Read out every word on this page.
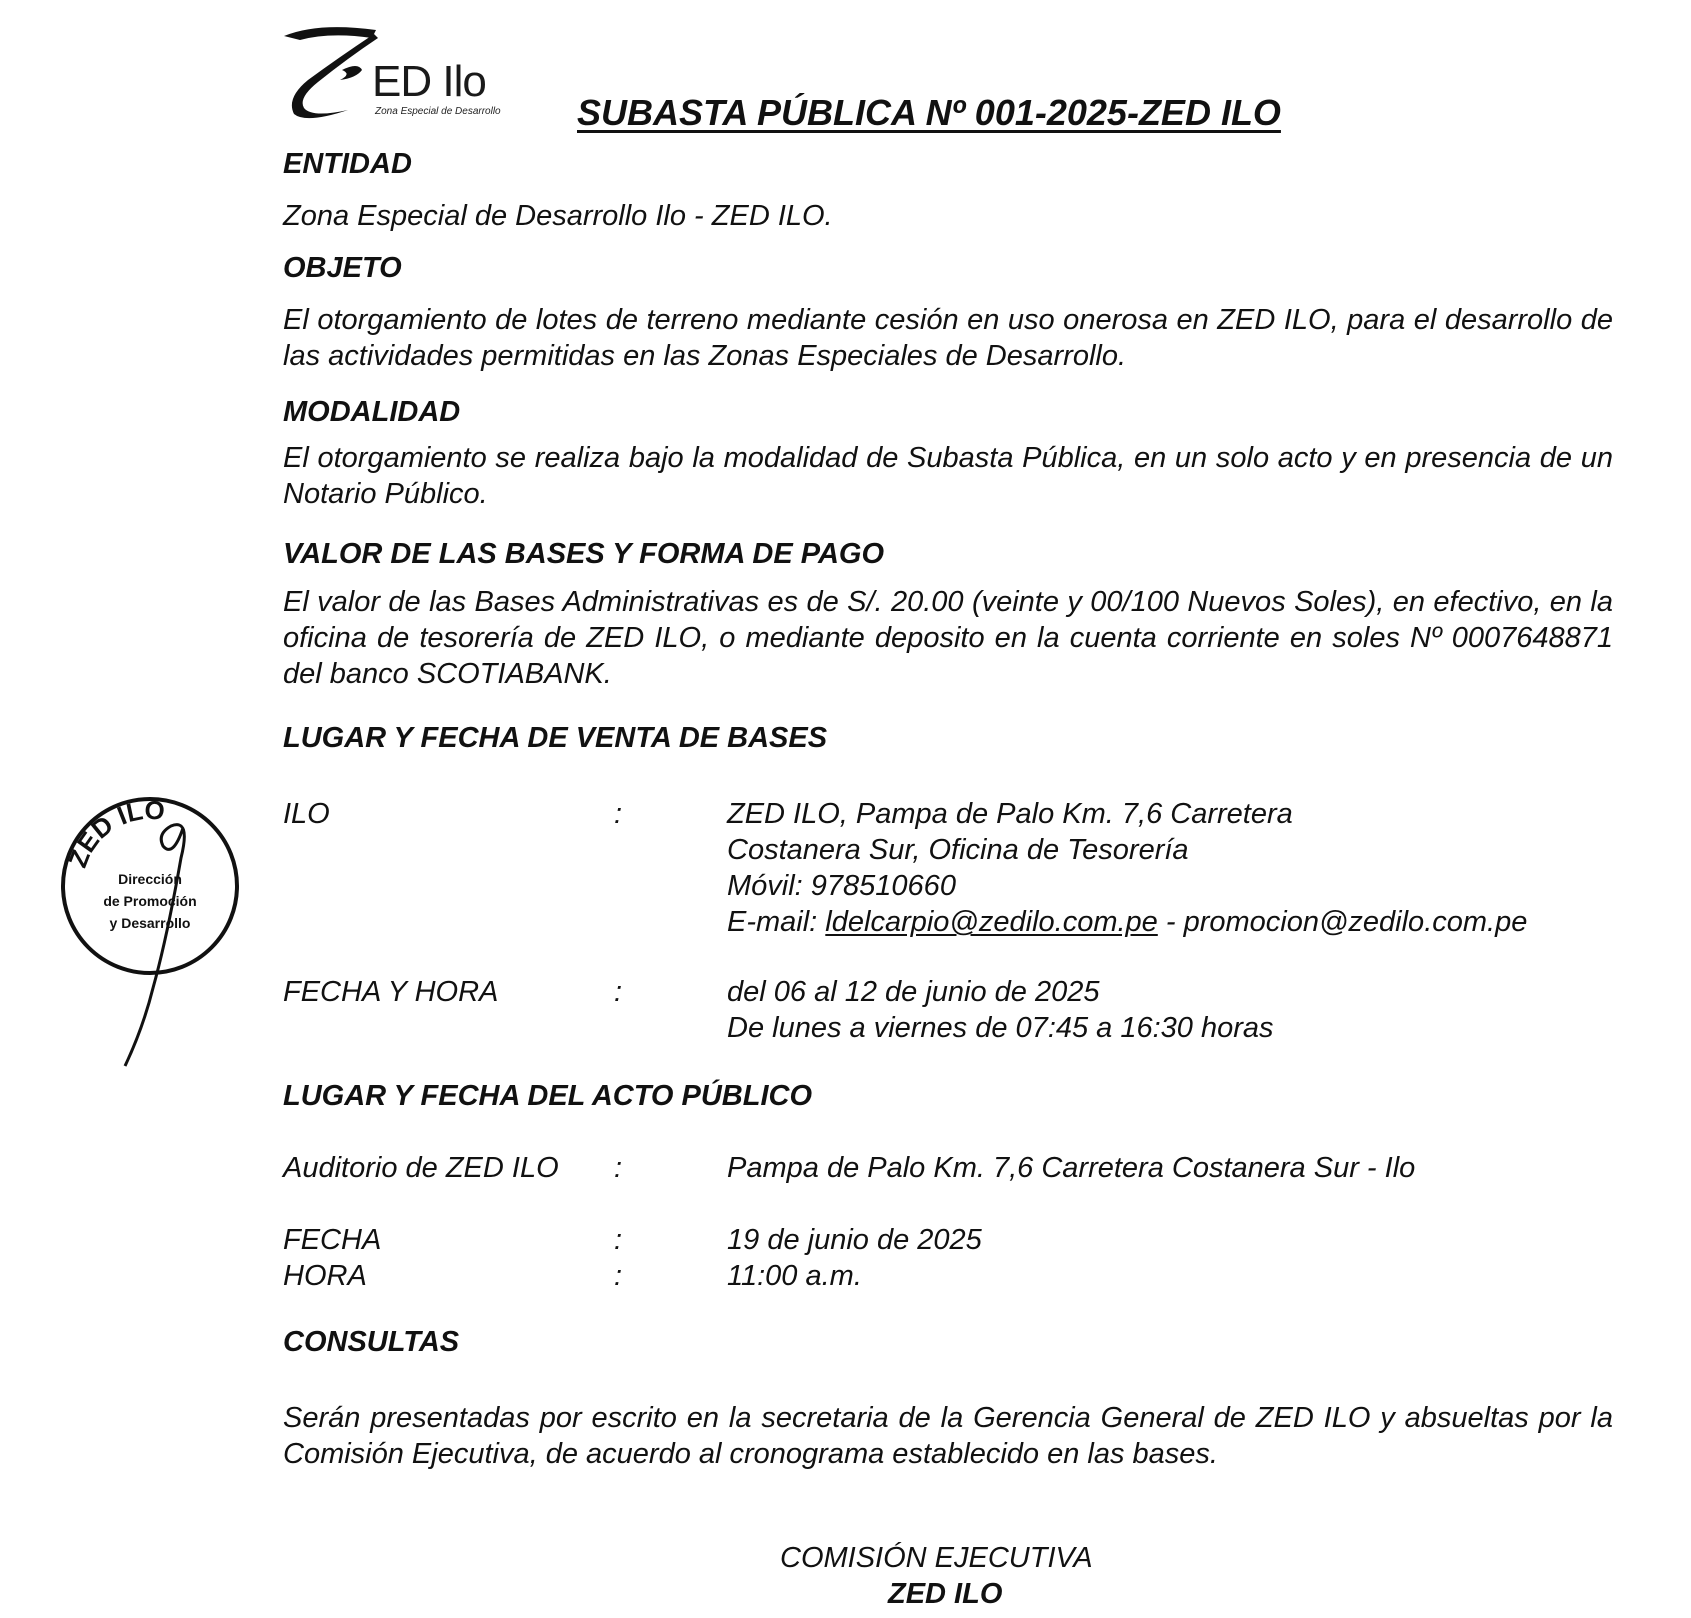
ED Ilo
Zona Especial de Desarrollo SUBASTA PÚBLICA Nº 001-2025-ZED ILO
ENTIDAD
Zona Especial de Desarrollo Ilo - ZED ILO.
OBJETO
El otorgamiento de lotes de terreno mediante cesión en uso onerosa en ZED ILO, para el desarrollo de las actividades permitidas en las Zonas Especiales de Desarrollo.
MODALIDAD
El otorgamiento se realiza bajo la modalidad de Subasta Pública, en un solo acto y en presencia de un Notario Público.
VALOR DE LAS BASES Y FORMA DE PAGO
El valor de las Bases Administrativas es de S/. 20.00 (veinte y 00/100 Nuevos Soles), en efectivo, en la oficina de tesorería de ZED ILO, o mediante deposito en la cuenta corriente en soles Nº 0007648871 del banco SCOTIABANK.
LUGAR Y FECHA DE VENTA DE BASES
ILO	:	ZED ILO, Pampa de Palo Km. 7,6 Carretera
Costanera Sur, Oficina de Tesorería
Móvil: 978510660
E-mail: ldelcarpio@zedilo.com.pe - promocion@zedilo.com.pe
FECHA Y HORA	:	del 06 al 12 de junio de 2025
De lunes a viernes de 07:45 a 16:30 horas
LUGAR Y FECHA DEL ACTO PÚBLICO
Auditorio de ZED ILO :	Pampa de Palo Km. 7,6 Carretera Costanera Sur - Ilo
FECHA	:	19 de junio de 2025
HORA	:	11:00 a.m.
CONSULTAS
Serán presentadas por escrito en la secretaria de la Gerencia General de ZED ILO y absueltas por la Comisión Ejecutiva, de acuerdo al cronograma establecido en las bases.
COMISIÓN EJECUTIVA
ZED ILO
ZED ILO
Dirección
de Promoción
y Desarrollo
